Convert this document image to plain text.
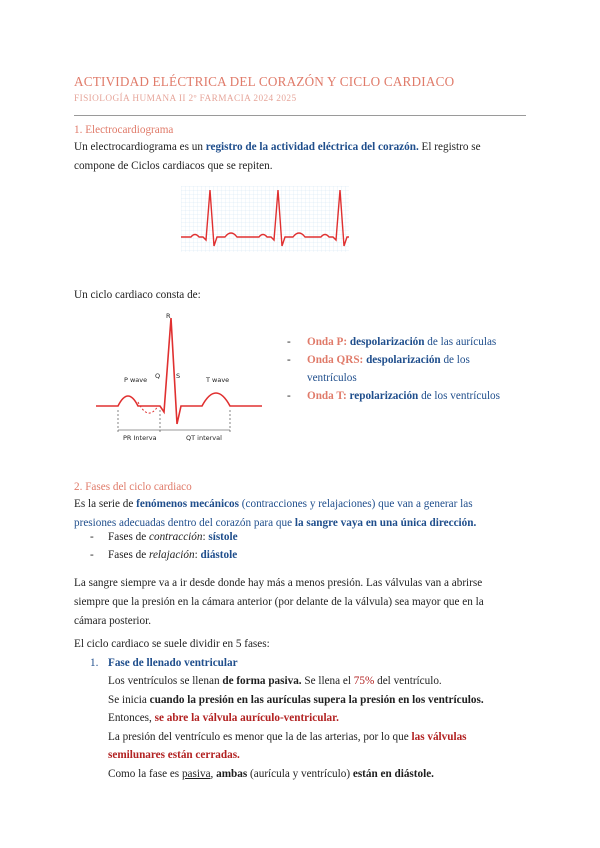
ACTIVIDAD ELÉCTRICA DEL CORAZÓN Y CICLO CARDIACO
FISIOLOGÍA HUMANA II 2º FARMACIA 2024 2025
1. Electrocardiograma
Un electrocardiograma es un registro de la actividad eléctrica del corazón. El registro se
compone de Ciclos cardiacos que se repiten.
Un ciclo cardiaco consta de:
R
Q S
P wave	T wave
PR Interva	QT interval
- Onda P: despolarización de las aurículas
- Onda QRS: despolarización de los
ventrículos
- Onda T: repolarización de los ventrículos
2. Fases del ciclo cardiaco
Es la serie de fenómenos mecánicos (contracciones y relajaciones) que van a generar las
presiones adecuadas dentro del corazón para que la sangre vaya en una única dirección.
- Fases de contracción: sístole
- Fases de relajación: diástole
La sangre siempre va a ir desde donde hay más a menos presión. Las válvulas van a abrirse
siempre que la presión en la cámara anterior (por delante de la válvula) sea mayor que en la
cámara posterior.
El ciclo cardiaco se suele dividir en 5 fases:
1. Fase de llenado ventricular
Los ventrículos se llenan de forma pasiva. Se llena el 75% del ventrículo.
Se inicia cuando la presión en las aurículas supera la presión en los ventrículos.
Entonces, se abre la válvula aurículo-ventricular.
La presión del ventrículo es menor que la de las arterias, por lo que las válvulas
semilunares están cerradas.
Como la fase es pasiva, ambas (aurícula y ventrículo) están en diástole.
